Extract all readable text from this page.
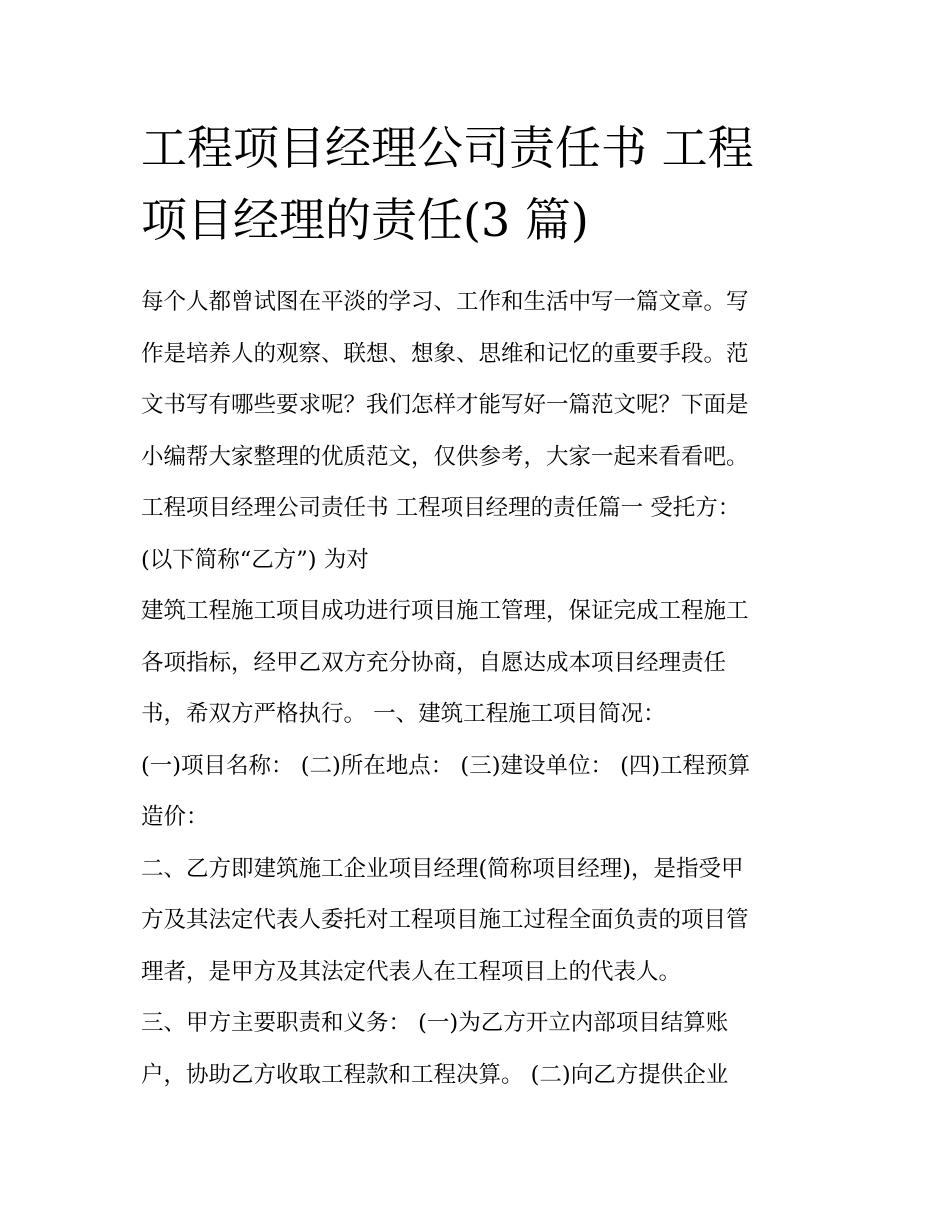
工程项目经理公司责任书 工程
项目经理的责任(3 篇)

每个人都曾试图在平淡的学习、工作和生活中写一篇文章。写

作是培养人的观察、联想、想象、思维和记忆的重要手段。范

文书写有哪些要求呢？我们怎样才能写好一篇范文呢？下面是

小编帮大家整理的优质范文，仅供参考，大家一起来看看吧。

工程项目经理公司责任书 工程项目经理的责任篇一 受托方：

(以下简称“乙方”) 为对

建筑工程施工项目成功进行项目施工管理，保证完成工程施工

各项指标，经甲乙双方充分协商，自愿达成本项目经理责任

书，希双方严格执行。 一、建筑工程施工项目简况：

(一)项目名称： (二)所在地点： (三)建设单位： (四)工程预算

造价：

二、乙方即建筑施工企业项目经理(简称项目经理)，是指受甲

方及其法定代表人委托对工程项目施工过程全面负责的项目管

理者，是甲方及其法定代表人在工程项目上的代表人。

三、甲方主要职责和义务： (一)为乙方开立内部项目结算账

户，协助乙方收取工程款和工程决算。 (二)向乙方提供企业
